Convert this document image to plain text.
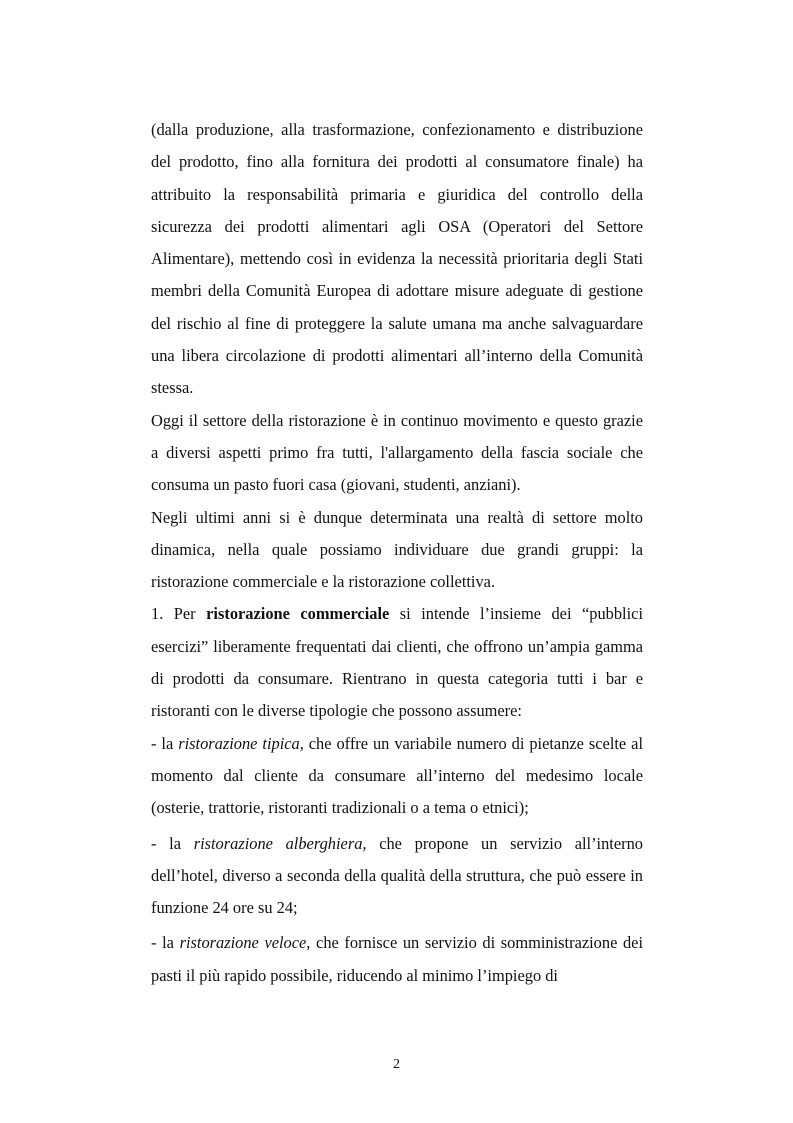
(dalla produzione, alla trasformazione, confezionamento e distribuzione del prodotto, fino alla fornitura dei prodotti al consumatore finale) ha attribuito la responsabilità primaria e giuridica del controllo della sicurezza dei prodotti alimentari agli OSA (Operatori del Settore Alimentare), mettendo così in evidenza la necessità prioritaria degli Stati membri della Comunità Europea di adottare misure adeguate di gestione del rischio al fine di proteggere la salute umana ma anche salvaguardare una libera circolazione di prodotti alimentari all’interno della Comunità stessa.

Oggi il settore della ristorazione è in continuo movimento e questo grazie a diversi aspetti primo fra tutti, l'allargamento della fascia sociale che consuma un pasto fuori casa (giovani, studenti, anziani).

Negli ultimi anni si è dunque determinata una realtà di settore molto dinamica, nella quale possiamo individuare due grandi gruppi: la ristorazione commerciale e la ristorazione collettiva.

1. Per ristorazione commerciale si intende l’insieme dei “pubblici esercizi” liberamente frequentati dai clienti, che offrono un’ampia gamma di prodotti da consumare. Rientrano in questa categoria tutti i bar e ristoranti con le diverse tipologie che possono assumere:

- la ristorazione tipica, che offre un variabile numero di pietanze scelte al momento dal cliente da consumare all’interno del medesimo locale (osterie, trattorie, ristoranti tradizionali o a tema o etnici);

- la ristorazione alberghiera, che propone un servizio all’interno dell’hotel, diverso a seconda della qualità della struttura, che può essere in funzione 24 ore su 24;

- la ristorazione veloce, che fornisce un servizio di somministrazione dei pasti il più rapido possibile, riducendo al minimo l’impiego di

2
